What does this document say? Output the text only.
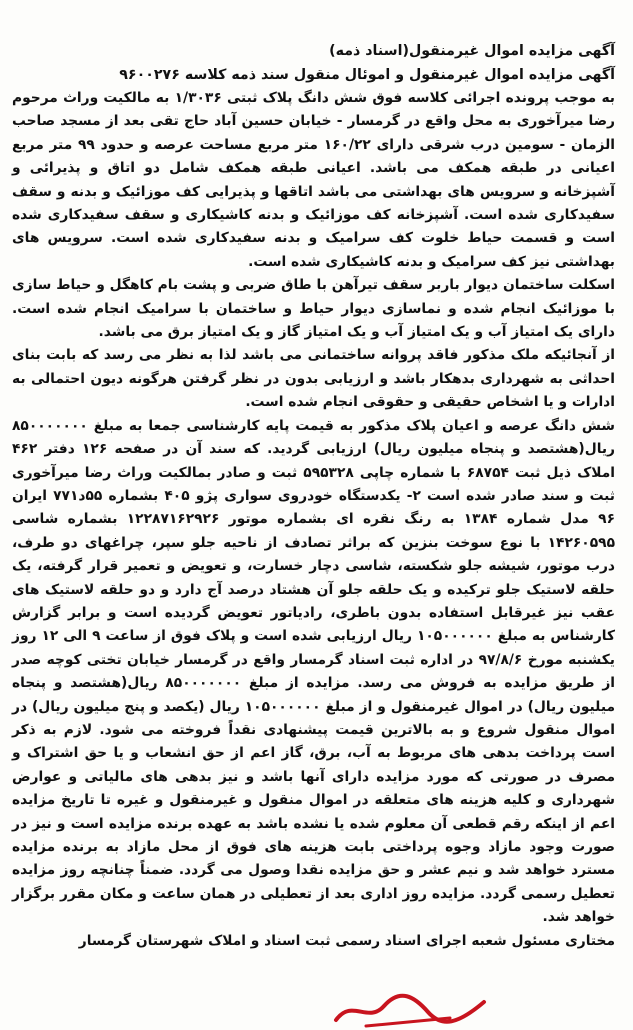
آگهی مزایده اموال غیرمنقول(اسناد ذمه)

آگهی مزایده اموال غیرمنقول و اموئال منقول سند ذمه کلاسه ۹۶۰۰۲۷۶

به موجب پرونده اجرائی کلاسه فوق شش دانگ پلاک ثبتی ۱/۳۰۳۶ به مالکیت وراث مرحوم رضا میرآخوری به محل واقع در گرمسار - خیابان حسین آباد حاج تقی بعد از مسجد صاحب الزمان - سومین درب شرقی دارای ۱۶۰/۲۲ متر مربع مساحت عرصه و حدود ۹۹ متر مربع اعیانی در طبقه همکف می باشد. اعیانی طبقه همکف شامل دو اتاق و پذیرائی و آشپزخانه و سرویس های بهداشتی می باشد اتاقها و پذیرایی کف موزائیک و بدنه و سقف سفیدکاری شده است. آشپزخانه کف موزائیک و بدنه کاشیکاری و سقف سفیدکاری شده است و قسمت حیاط خلوت کف سرامیک و بدنه سفیدکاری شده است. سرویس های بهداشتی نیز کف سرامیک و بدنه کاشیکاری شده است.

اسکلت ساختمان دیوار باربر سقف تیرآهن با طاق ضربی و پشت بام کاهگل و حیاط سازی با موزائیک انجام شده و نماسازی دیوار حیاط و ساختمان با سرامیک انجام شده است. دارای یک امتیاز آب و یک امتیاز آب و یک امتیاز گاز و یک امتیاز برق می باشد.

از آنجائیکه ملک مذکور فاقد پروانه ساختمانی می باشد لذا به نظر می رسد که بابت بنای احداثی به شهرداری بدهکار باشد و ارزیابی بدون در نظر گرفتن هرگونه دیون احتمالی به ادارات و یا اشخاص حقیقی و حقوقی انجام شده است.

شش دانگ عرصه و اعیان پلاک مذکور به قیمت پایه کارشناسی جمعا به مبلغ ۸۵۰۰۰۰۰۰۰ ریال(هشتصد و پنجاه میلیون ریال) ارزیابی گردید. که سند آن در صفحه ۱۲۶ دفتر ۴۶۲ املاک ذیل ثبت ۶۸۷۵۴ با شماره چاپی ۵۹۵۳۲۸ ثبت و صادر بمالکیت وراث رضا میرآخوری ثبت و سند صادر شده است ۲- یکدستگاه خودروی سواری پژو ۴۰۵ بشماره ۵۵د۷۷۱ ایران ۹۶ مدل شماره ۱۳۸۴ به رنگ نقره ای بشماره موتور ۱۲۲۸۷۱۶۲۹۲۶ بشماره شاسی ۱۴۲۶۰۵۹۵ با نوع سوخت بنزین که براثر تصادف از ناحیه جلو سپر، چراغهای دو طرف، درب موتور، شیشه جلو شکسته، شاسی دچار خسارت، و تعویض و تعمیر قرار گرفته، یک حلقه لاستیک جلو ترکیده و یک حلقه جلو آن هشتاد درصد آج دارد و دو حلقه لاستیک های عقب نیز غیرقابل استفاده بدون باطری، رادیاتور تعویض گردیده است و برابر گزارش کارشناس به مبلغ ۱۰۵۰۰۰۰۰۰ ریال ارزیابی شده است و پلاک فوق از ساعت ۹ الی ۱۲ روز یکشنبه مورخ ۹۷/۸/۶ در اداره ثبت اسناد گرمسار واقع در گرمسار خیابان تختی کوچه صدر از طریق مزایده به فروش می رسد. مزایده از مبلغ ۸۵۰۰۰۰۰۰۰ ریال(هشتصد و پنجاه میلیون ریال) در اموال غیرمنقول و از مبلغ ۱۰۵۰۰۰۰۰۰ ریال (یکصد و پنج میلیون ریال) در اموال منقول شروع و به بالاترین قیمت پیشنهادی نقداً فروخته می شود. لازم به ذکر است پرداخت بدهی های مربوط به آب، برق، گاز اعم از حق انشعاب و یا حق اشتراک و مصرف در صورتی که مورد مزایده دارای آنها باشد و نیز بدهی های مالیاتی و عوارض شهرداری و کلیه هزینه های متعلقه در اموال منقول و غیرمنقول و غیره تا تاریخ مزایده اعم از اینکه رقم قطعی آن معلوم شده یا نشده باشد به عهده برنده مزایده است و نیز در صورت وجود مازاد وجوه پرداختی بابت هزینه های فوق از محل مازاد به برنده مزایده مسترد خواهد شد و نیم عشر و حق مزایده نقدا وصول می گردد. ضمناً چنانچه روز مزایده تعطیل رسمی گردد. مزایده روز اداری بعد از تعطیلی در همان ساعت و مکان مقرر برگزار خواهد شد.

مختاری مسئول شعبه اجرای اسناد رسمی ثبت اسناد و املاک شهرستان گرمسار
